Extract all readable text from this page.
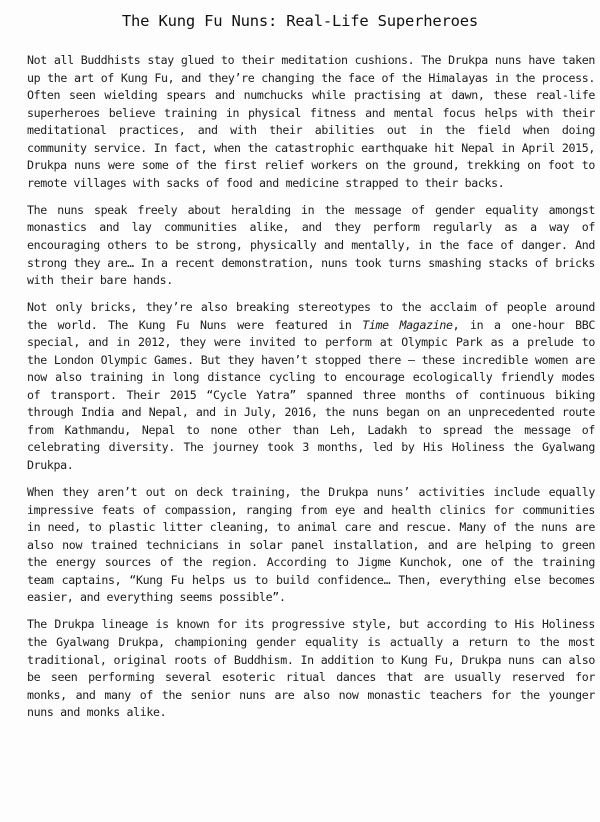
The Kung Fu Nuns: Real-Life Superheroes

Not all Buddhists stay glued to their meditation cushions. The Drukpa nuns have taken up the art of Kung Fu, and they’re changing the face of the Himalayas in the process. Often seen wielding spears and numchucks while practising at dawn, these real-life superheroes believe training in physical fitness and mental focus helps with their meditational practices, and with their abilities out in the field when doing community service. In fact, when the catastrophic earthquake hit Nepal in April 2015, Drukpa nuns were some of the first relief workers on the ground, trekking on foot to remote villages with sacks of food and medicine strapped to their backs.

The nuns speak freely about heralding in the message of gender equality amongst monastics and lay communities alike, and they perform regularly as a way of encouraging others to be strong, physically and mentally, in the face of danger. And strong they are… In a recent demonstration, nuns took turns smashing stacks of bricks with their bare hands.

Not only bricks, they’re also breaking stereotypes to the acclaim of people around the world. The Kung Fu Nuns were featured in Time Magazine, in a one-hour BBC special, and in 2012, they were invited to perform at Olympic Park as a prelude to the London Olympic Games. But they haven’t stopped there – these incredible women are now also training in long distance cycling to encourage ecologically friendly modes of transport. Their 2015 “Cycle Yatra” spanned three months of continuous biking through India and Nepal, and in July, 2016, the nuns began on an unprecedented route from Kathmandu, Nepal to none other than Leh, Ladakh to spread the message of celebrating diversity. The journey took 3 months, led by His Holiness the Gyalwang Drukpa.

When they aren’t out on deck training, the Drukpa nuns’ activities include equally impressive feats of compassion, ranging from eye and health clinics for communities in need, to plastic litter cleaning, to animal care and rescue. Many of the nuns are also now trained technicians in solar panel installation, and are helping to green the energy sources of the region. According to Jigme Kunchok, one of the training team captains, “Kung Fu helps us to build confidence… Then, everything else becomes easier, and everything seems possible”.

The Drukpa lineage is known for its progressive style, but according to His Holiness the Gyalwang Drukpa, championing gender equality is actually a return to the most traditional, original roots of Buddhism. In addition to Kung Fu, Drukpa nuns can also be seen performing several esoteric ritual dances that are usually reserved for monks, and many of the senior nuns are also now monastic teachers for the younger nuns and monks alike.
